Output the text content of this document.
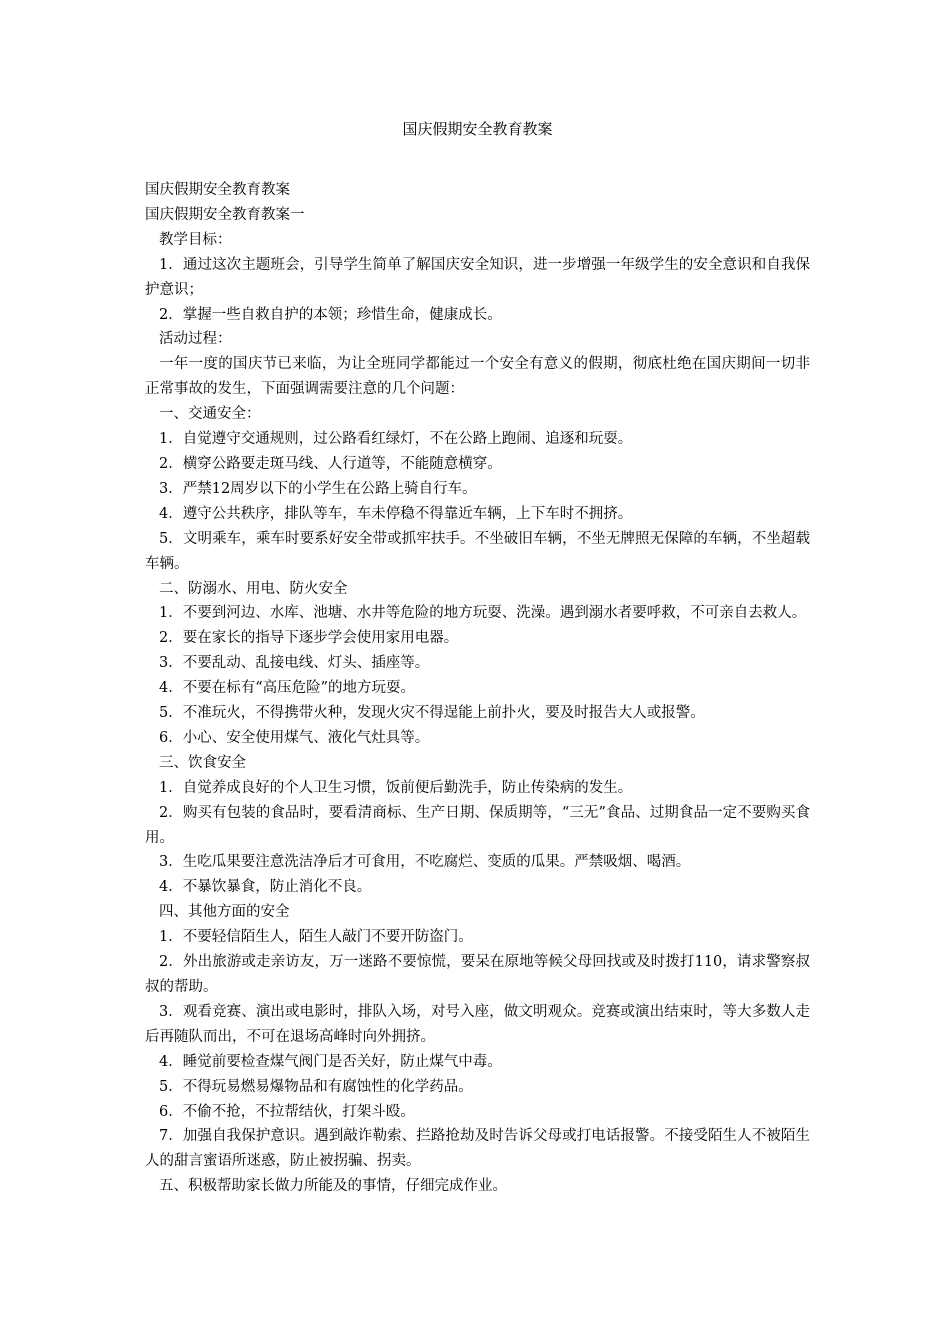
国庆假期安全教育教案

国庆假期安全教育教案

国庆假期安全教育教案一

教学目标：

1．通过这次主题班会，引导学生简单了解国庆安全知识，进一步增强一年级学生的安全意识和自我保护意识；

2．掌握一些自救自护的本领；珍惜生命，健康成长。

活动过程：

一年一度的国庆节已来临，为让全班同学都能过一个安全有意义的假期，彻底杜绝在国庆期间一切非正常事故的发生，下面强调需要注意的几个问题：

一、交通安全：

1．自觉遵守交通规则，过公路看红绿灯，不在公路上跑闹、追逐和玩耍。

2．横穿公路要走斑马线、人行道等，不能随意横穿。

3．严禁12周岁以下的小学生在公路上骑自行车。

4．遵守公共秩序，排队等车，车未停稳不得靠近车辆，上下车时不拥挤。

5．文明乘车，乘车时要系好安全带或抓牢扶手。不坐破旧车辆，不坐无牌照无保障的车辆，不坐超载车辆。

二、防溺水、用电、防火安全

1．不要到河边、水库、池塘、水井等危险的地方玩耍、洗澡。遇到溺水者要呼救，不可亲自去救人。

2．要在家长的指导下逐步学会使用家用电器。

3．不要乱动、乱接电线、灯头、插座等。

4．不要在标有“高压危险”的地方玩耍。

5．不准玩火，不得携带火种，发现火灾不得逞能上前扑火，要及时报告大人或报警。

6．小心、安全使用煤气、液化气灶具等。

三、饮食安全

1．自觉养成良好的个人卫生习惯，饭前便后勤洗手，防止传染病的发生。

2．购买有包装的食品时，要看清商标、生产日期、保质期等，“三无”食品、过期食品一定不要购买食用。

3．生吃瓜果要注意洗洁净后才可食用，不吃腐烂、变质的瓜果。严禁吸烟、喝酒。

4．不暴饮暴食，防止消化不良。

四、其他方面的安全

1．不要轻信陌生人，陌生人敲门不要开防盗门。

2．外出旅游或走亲访友，万一迷路不要惊慌，要呆在原地等候父母回找或及时拨打110，请求警察叔叔的帮助。

3．观看竞赛、演出或电影时，排队入场，对号入座，做文明观众。竞赛或演出结束时，等大多数人走后再随队而出，不可在退场高峰时向外拥挤。

4．睡觉前要检查煤气阀门是否关好，防止煤气中毒。

5．不得玩易燃易爆物品和有腐蚀性的化学药品。

6．不偷不抢，不拉帮结伙，打架斗殴。

7．加强自我保护意识。遇到敲诈勒索、拦路抢劫及时告诉父母或打电话报警。不接受陌生人不被陌生人的甜言蜜语所迷惑，防止被拐骗、拐卖。

五、积极帮助家长做力所能及的事情，仔细完成作业。
